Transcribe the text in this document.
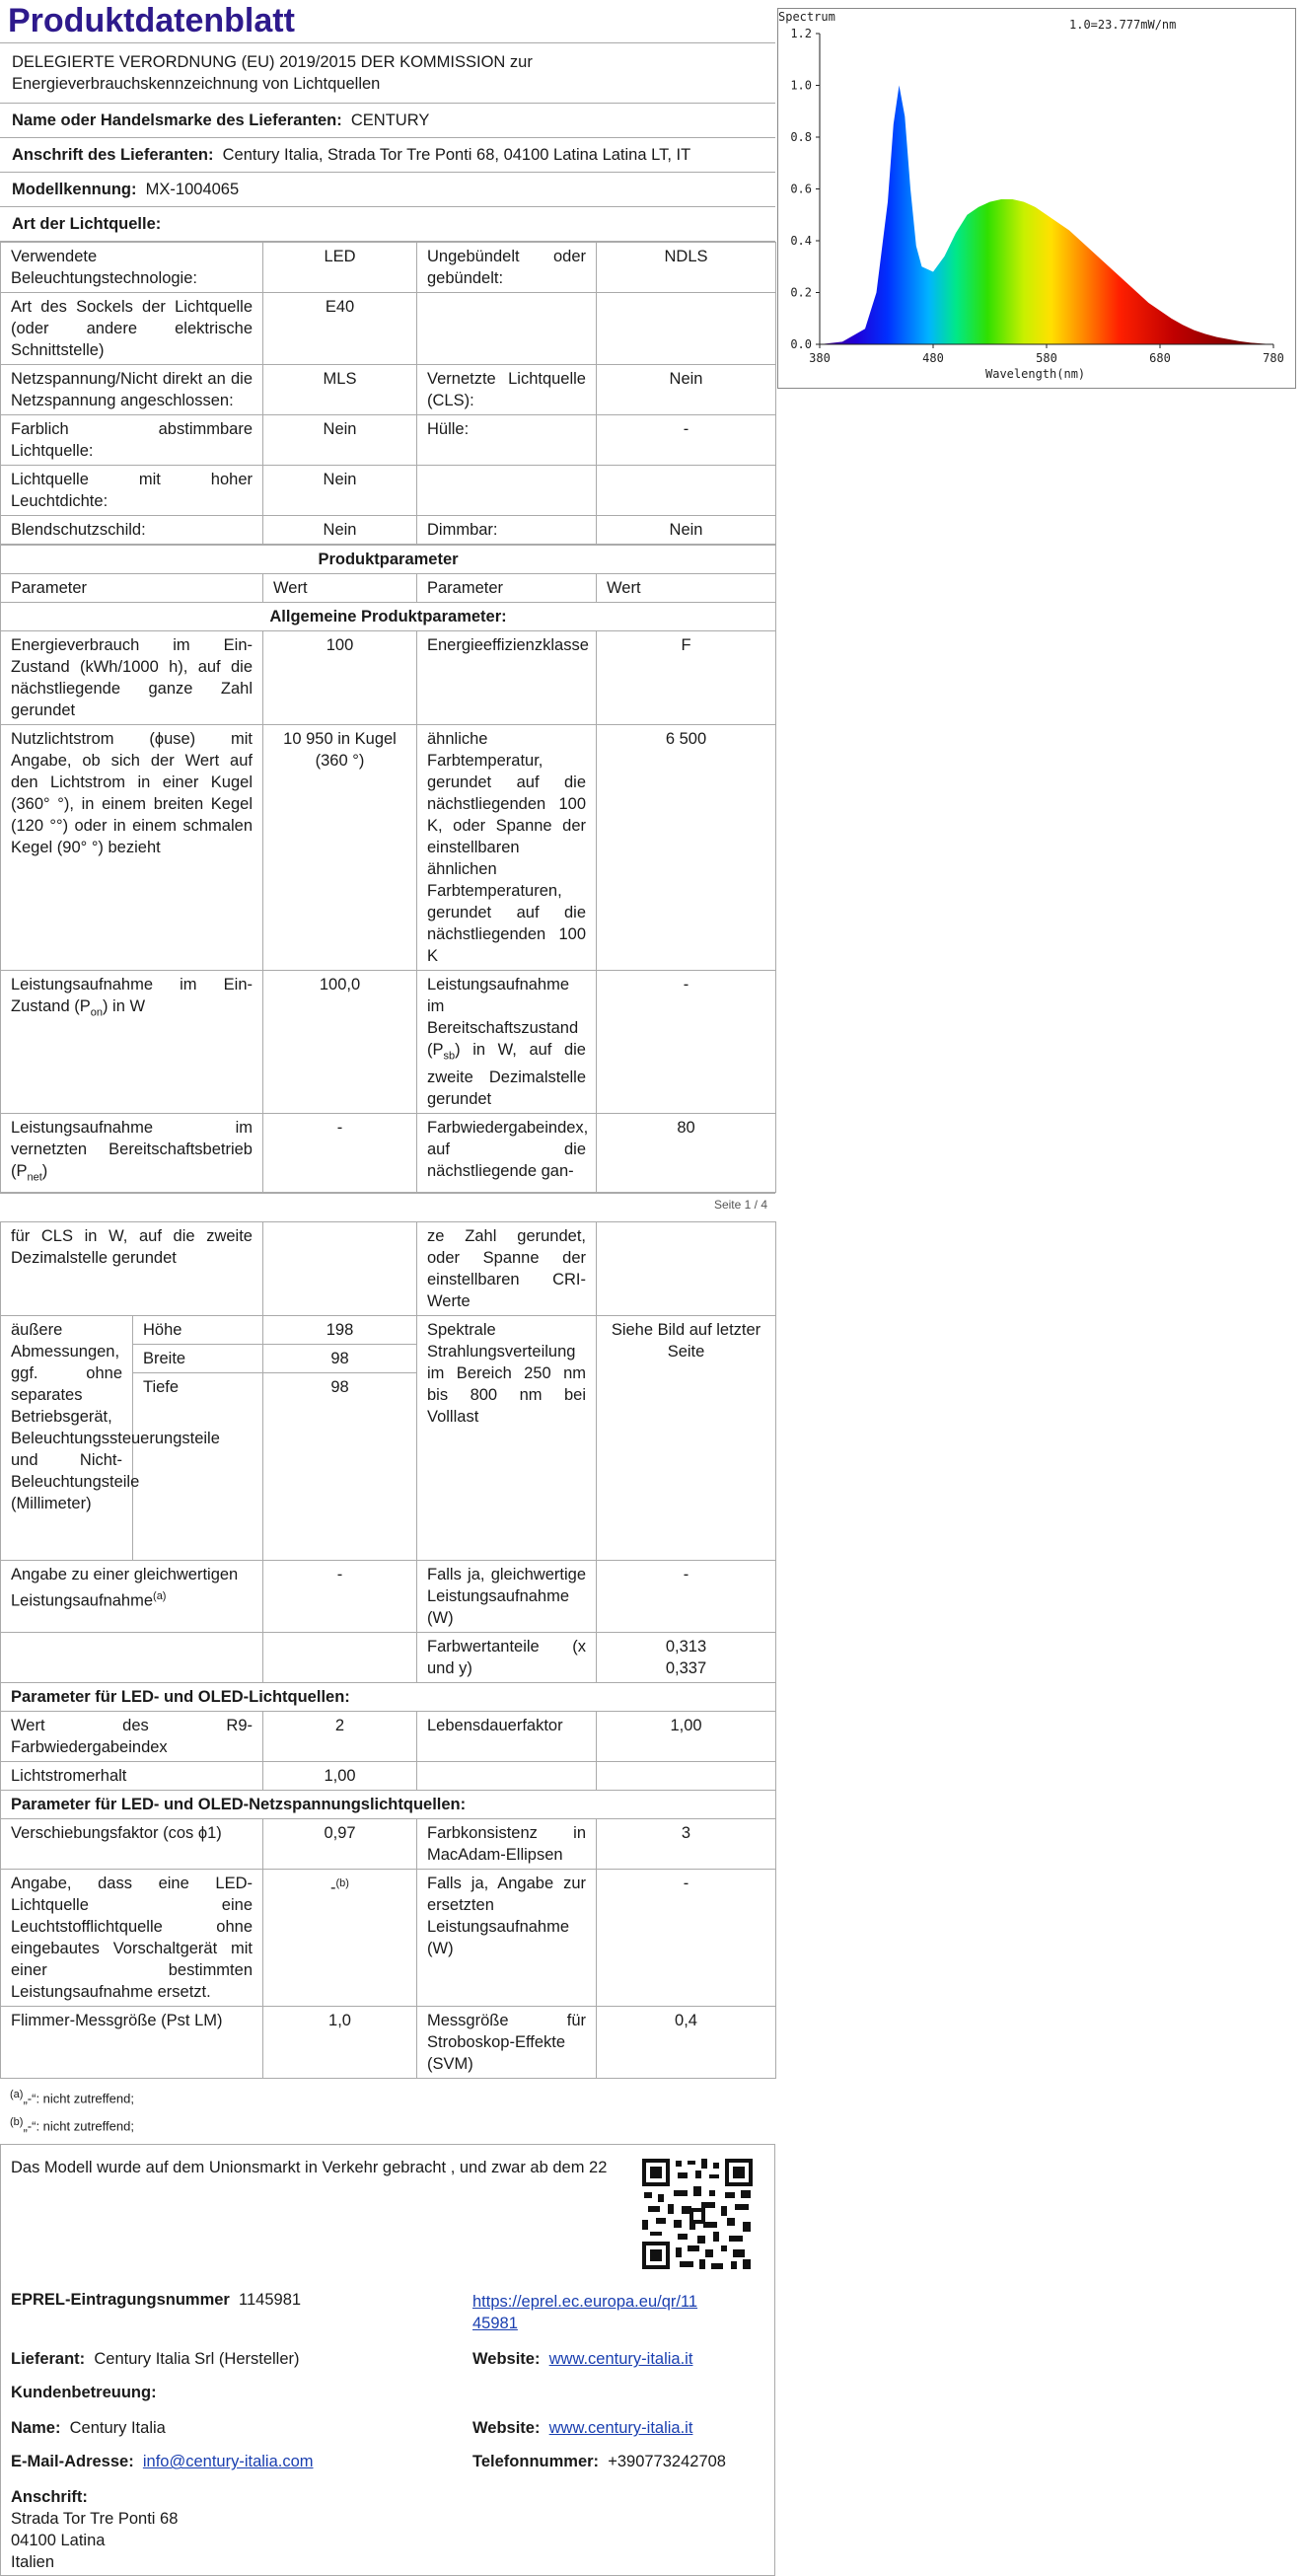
Spectrum
1.0=23.777mW/nm
0.0
0.2
0.4
0.6
0.8
1.0
1.2
380	480	580	680	780
Wavelength(nm)
Produktdatenblatt
DELEGIERTE VERORDNUNG (EU) 2019/2015 DER KOMMISSION zur Energieverbrauchskennzeichnung von Lichtquellen
Name oder Handelsmarke des Lieferanten: CENTURY
Anschrift des Lieferanten: Century Italia, Strada Tor Tre Ponti 68, 04100 Latina Latina LT, IT
Modellkennung: MX-1004065
Art der Lichtquelle:
Verwendete Beleuchtungstechnologie:	LED	Ungebündelt oder gebündelt:	NDLS
Art des Sockels der Lichtquelle (oder andere elektrische Schnittstelle)	E40		
Netzspannung/Nicht direkt an die Netzspannung angeschlossen:	MLS	Vernetzte Lichtquelle (CLS):	Nein
Farblich abstimmbare Lichtquelle:	Nein	Hülle:	-
Lichtquelle mit hoher Leuchtdichte:	Nein		
Blendschutzschild:	Nein	Dimmbar:	Nein
Produktparameter			
Parameter	Wert	Parameter	Wert
Allgemeine Produktparameter:			
Energieverbrauch im Ein-Zustand (kWh/1000 h), auf die nächstliegende ganze Zahl gerundet	100	Energieeffizienzklasse	F
Nutzlichtstrom (ϕuse) mit Angabe, ob sich der Wert auf den Lichtstrom in einer Kugel (360° °), in einem breiten Kegel (120 °°) oder in einem schmalen Kegel (90° °) bezieht	10 950 in Kugel (360 °)	ähnliche Farbtemperatur, gerundet auf die nächstliegenden 100 K, oder Spanne der einstellbaren ähnlichen Farbtemperaturen, gerundet auf die nächstliegenden 100 K	6 500
Leistungsaufnahme im Ein-Zustand $(P_{on})$ in W	100,0	Leistungsaufnahme im Bereitschaftszustand $(P_{sb})$ in W, auf die zweite Dezimalstelle gerundet	-
Leistungsaufnahme im vernetzten Bereitschaftsbetrieb $(P_{net})$	-	Farbwiedergabeindex, auf die nächstliegende gan-	80
Seite 1 / 4
für CLS in W, auf die zweite Dezimalstelle gerundet			ze Zahl gerundet, oder Spanne der einstellbaren CRI-Werte	
äußere Abmessungen, ggf. ohne separates Betriebsgerät, Beleuchtungssteuerungsteile und Nicht-Beleuchtungsteile (Millimeter)	Höhe	198	Spektrale Strahlungsverteilung im Bereich 250 nm bis 800 nm bei Volllast	Siehe Bild auf letzter Seite
	Breite	98		
	Tiefe	98		
Angabe zu einer gleichwertigen Leistungsaufnahme$^{(a)}$		-	Falls ja, gleichwertige Leistungsaufnahme (W)	-
			Farbwertanteile (x und y)	0,313
0,337

Parameter für LED- und OLED-Lichtquellen:				
Wert des R9-Farbwiedergabeindex		2	Lebensdauerfaktor	1,00
Lichtstromerhalt		1,00		
Parameter für LED- und OLED-Netzspannungslichtquellen:				
Verschiebungsfaktor (cos ϕ1)		0,97	Farbkonsistenz in MacAdam-Ellipsen	3
Angabe, dass eine LED-Lichtquelle eine Leuchtstofflichtquelle ohne eingebautes Vorschaltgerät mit einer bestimmten Leistungsaufnahme ersetzt.		-$^{(b)}$	Falls ja, Angabe zur ersetzten Leistungsaufnahme (W)	-
Flimmer-Messgröße (Pst LM)		1,0	Messgröße für Stroboskop-Effekte (SVM)	0,4
$^{(a)}$„-“: nicht zutreffend;
$^{(b)}$„-“: nicht zutreffend;
Das Modell wurde auf dem Unionsmarkt in Verkehr gebracht , und zwar ab dem 22
EPREL-Eintragungsnummer 1145981	https://eprel.ec.europa.eu/qr/11
45981
Lieferant: Century Italia Srl (Hersteller)	Website: www.century-italia.it
Kundenbetreuung:
Name: Century Italia	Website: www.century-italia.it
E-Mail-Adresse: info@century-italia.com	Telefonnummer: +390773242708
Anschrift:
Strada Tor Tre Ponti 68
04100 Latina
Italien
